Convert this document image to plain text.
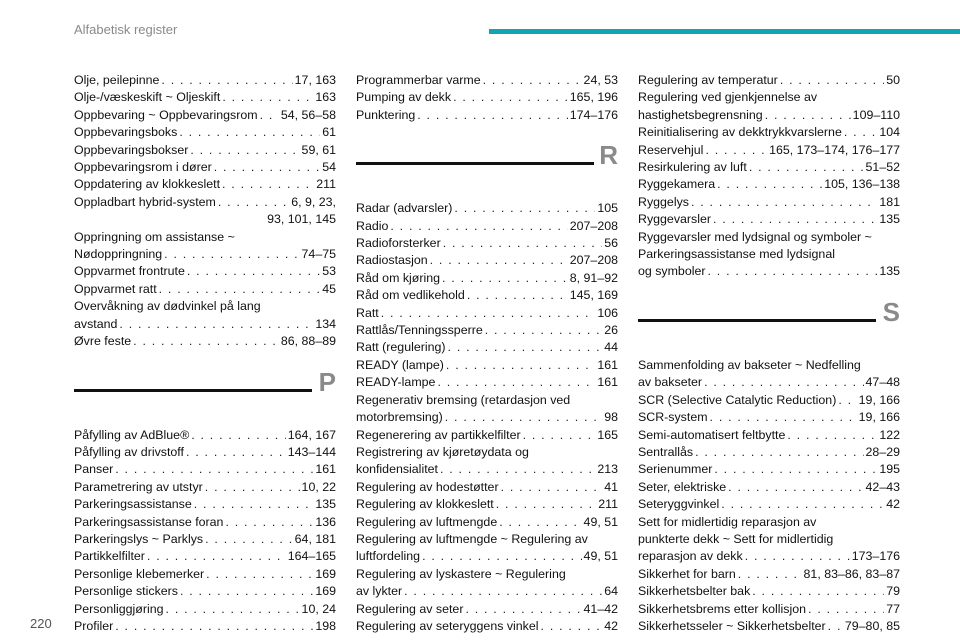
Alfabetisk register
Olje, peilepinne . . .	17, 163
Olje-/væskeskift ~ Oljeskift . . .	163
Oppbevaring ~ Oppbevaringsrom . . . 54, 56–58
Oppbevaringsboks . . .	61
Oppbevaringsbokser . . .	59, 61
Oppbevaringsrom i dører . . .	54
Oppdatering av klokkeslett . . .	211
Oppladbart hybrid-system . . .	6, 9, 23,
93, 101, 145
Oppringning om assistanse ~
Nødoppringning . . .	74–75
Oppvarmet frontrute . . .	53
Oppvarmet ratt . . .	45
Overvåkning av dødvinkel på lang
avstand . . .	134
Øvre feste . . .	86, 88–89
P
Påfylling av AdBlue® . . .	164, 167
Påfylling av drivstoff . . .	143–144
Panser . . .	161
Parametrering av utstyr . . .	10, 22
Parkeringsassistanse . . .	135
Parkeringsassistanse foran . . .	136
Parkeringslys ~ Parklys . . .	64, 181
Partikkelfilter . . .	164–165
Personlige klebemerker . . .	169
Personlige stickers . . .	169
Personliggjøring . . .	10, 24
Profiler . . .	198
Programmerbar varme . . .	24, 53
Pumping av dekk . . .	165, 196
Punktering . . .	174–176
R
Radar (advarsler) . . .	105
Radio . . .	207–208
Radioforsterker . . .	56
Radiostasjon . . .	207–208
Råd om kjøring . . .	8, 91–92
Råd om vedlikehold . . .	145, 169
Ratt . . .	106
Rattlås/Tenningssperre . . .	26
Ratt (regulering) . . .	44
READY (lampe) . . .	161
READY-lampe . . .	161
Regenerativ bremsing (retardasjon ved
motorbremsing) . . .	98
Regenerering av partikkelfilter . . .	165
Registrering av kjøretøydata og
konfidensialitet . . .	213
Regulering av hodestøtter . . .	41
Regulering av klokkeslett . . .	211
Regulering av luftmengde . . .	49, 51
Regulering av luftmengde ~ Regulering av
luftfordeling . . .	49, 51
Regulering av lyskastere ~ Regulering
av lykter . . .	64
Regulering av seter . . .	41–42
Regulering av seteryggens vinkel . . .	42
Regulering av temperatur . . .	50
Regulering ved gjenkjennelse av
hastighetsbegrensning . . .	109–110
Reinitialisering av dekktrykkvarslerne . . .	104
Reservehjul . . .	165, 173–174, 176–177
Resirkulering av luft . . .	51–52
Ryggekamera . . .	105, 136–138
Ryggelys . . .	181
Ryggevarsler . . .	135
Ryggevarsler med lydsignal og symboler ~
Parkeringsassistanse med lydsignal
og symboler . . .	135
S
Sammenfolding av bakseter ~ Nedfelling
av bakseter . . .	47–48
SCR (Selective Catalytic Reduction) . . . 19, 166
SCR-system . . .	19, 166
Semi-automatisert feltbytte . . .	122
Sentrallås . . .	28–29
Serienummer . . .	195
Seter, elektriske . . .	42–43
Seteryggvinkel . . .	42
Sett for midlertidig reparasjon av
punkterte dekk ~ Sett for midlertidig
reparasjon av dekk . . .	173–176
Sikkerhet for barn . . .	81, 83–86, 83–87
Sikkerhetsbelter bak . . .	79
Sikkerhetsbrems etter kollisjon . . .	77
Sikkerhetsseler ~ Sikkerhetsbelter . . . 79–80, 85
220
